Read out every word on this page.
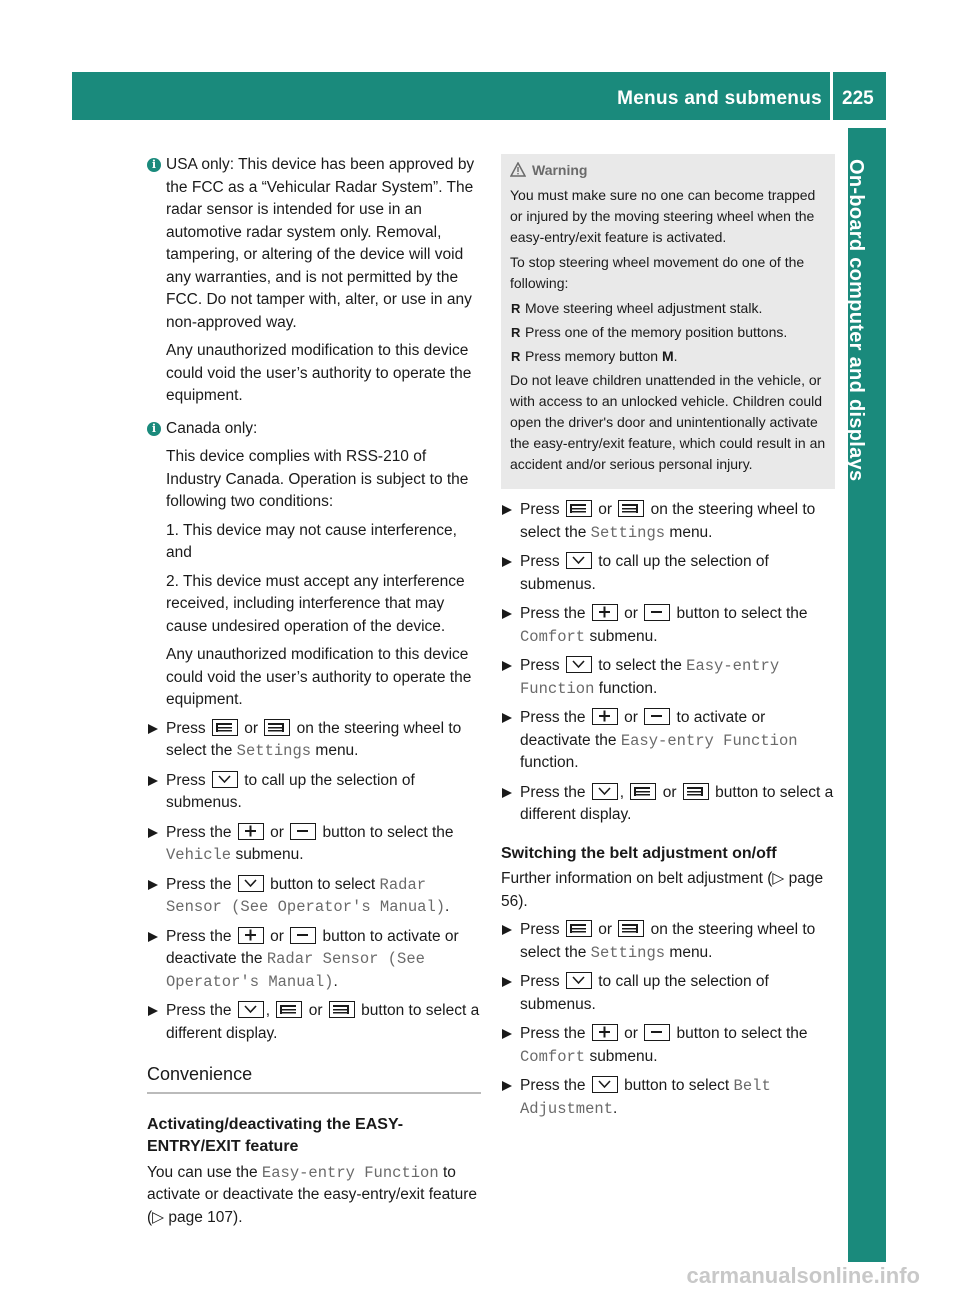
Menus and submenus 225
On-board computer and displays
i USA only: This device has been approved by the FCC as a “Vehicular Radar System”. The radar sensor is intended for use in an automotive radar system only. Removal, tampering, or altering of the device will void any warranties, and is not permitted by the FCC. Do not tamper with, alter, or use in any non-approved way.

Any unauthorized modification to this device could void the user’s authority to operate the equipment.

i Canada only:

This device complies with RSS-210 of Industry Canada. Operation is subject to the following two conditions:

1. This device may not cause interference, and

2. This device must accept any interference received, including interference that may cause undesired operation of the device.

Any unauthorized modification to this device could void the user’s authority to operate the equipment.

Press or on the steering wheel to select the Settings menu.
Press to call up the selection of submenus.
Press the or button to select the Vehicle submenu.
Press the button to select Radar Sensor (See Operator's Manual).
Press the or button to activate or deactivate the Radar Sensor (See Operator's Manual).
Press the , or button to select a different display.
Convenience
Activating/deactivating the EASY-ENTRY/EXIT feature

You can use the Easy-entry Function to activate or deactivate the easy-entry/exit feature (▷ page 107).

Warning

You must make sure no one can become trapped or injured by the moving steering wheel when the easy-entry/exit feature is activated.

To stop steering wheel movement do one of the following:

R Move steering wheel adjustment stalk.
R Press one of the memory position buttons.
R Press memory button M.

Do not leave children unattended in the vehicle, or with access to an unlocked vehicle. Children could open the driver's door and unintentionally activate the easy-entry/exit feature, which could result in an accident and/or serious personal injury.

Press or on the steering wheel to select the Settings menu.
Press to call up the selection of submenus.
Press the or button to select the Comfort submenu.
Press to select the Easy-entry Function function.
Press the or to activate or deactivate the Easy-entry Function function.
Press the , or button to select a different display.
Switching the belt adjustment on/off

Further information on belt adjustment (▷ page 56).

Press or on the steering wheel to select the Settings menu.
Press to call up the selection of submenus.
Press the or button to select the Comfort submenu.
Press the button to select Belt Adjustment.
carmanualsonline.info
